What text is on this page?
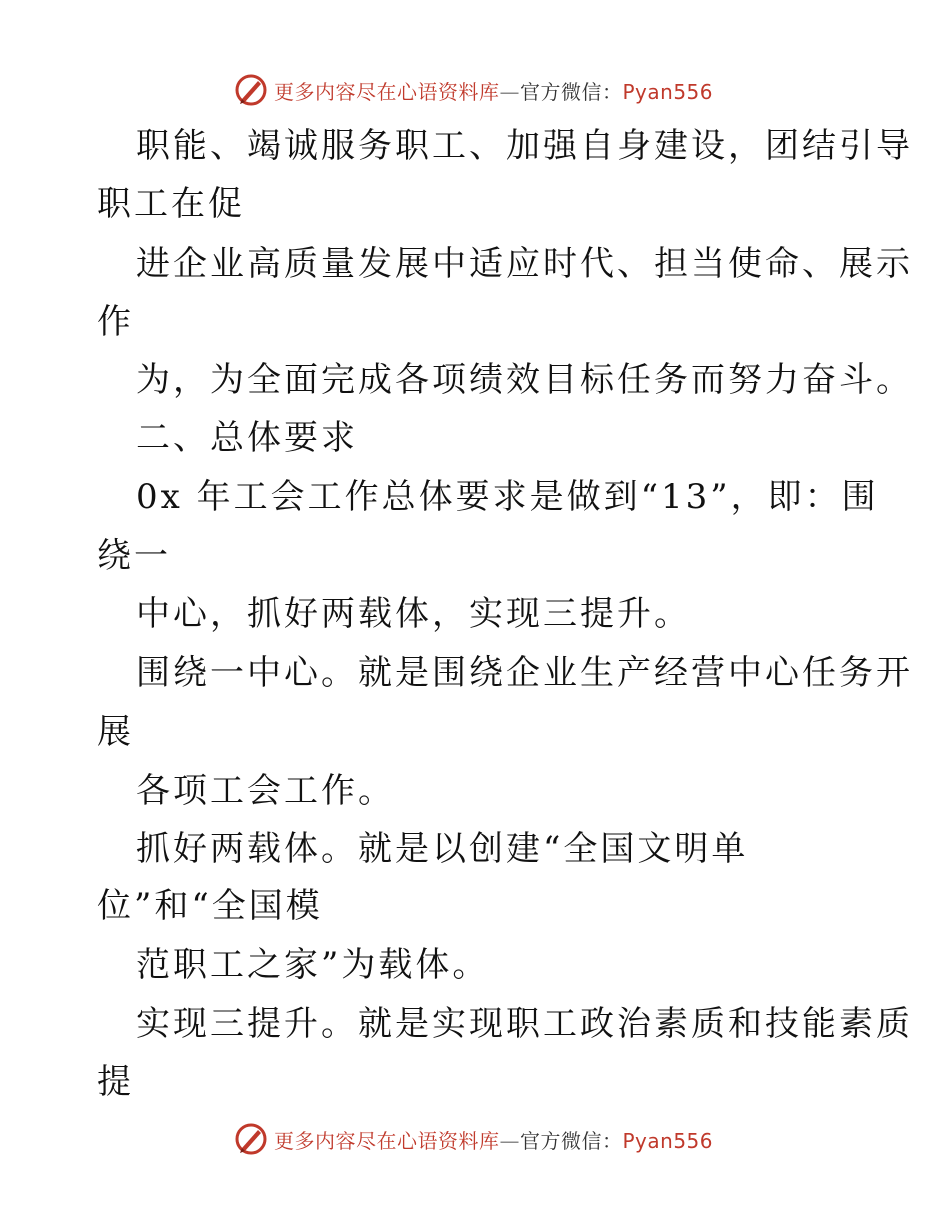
更多内容尽在心语资料库—官方微信：Pyan556
职能、竭诚服务职工、加强自身建设，团结引导
职工在促
进企业高质量发展中适应时代、担当使命、展示
作
为，为全面完成各项绩效目标任务而努力奋斗。
二、总体要求
0x 年工会工作总体要求是做到“13”，即：围
绕一
中心，抓好两载体，实现三提升。
围绕一中心。就是围绕企业生产经营中心任务开
展
各项工会工作。
抓好两载体。就是以创建“全国文明单
位”和“全国模
范职工之家”为载体。
实现三提升。就是实现职工政治素质和技能素质
提
更多内容尽在心语资料库—官方微信：Pyan556
